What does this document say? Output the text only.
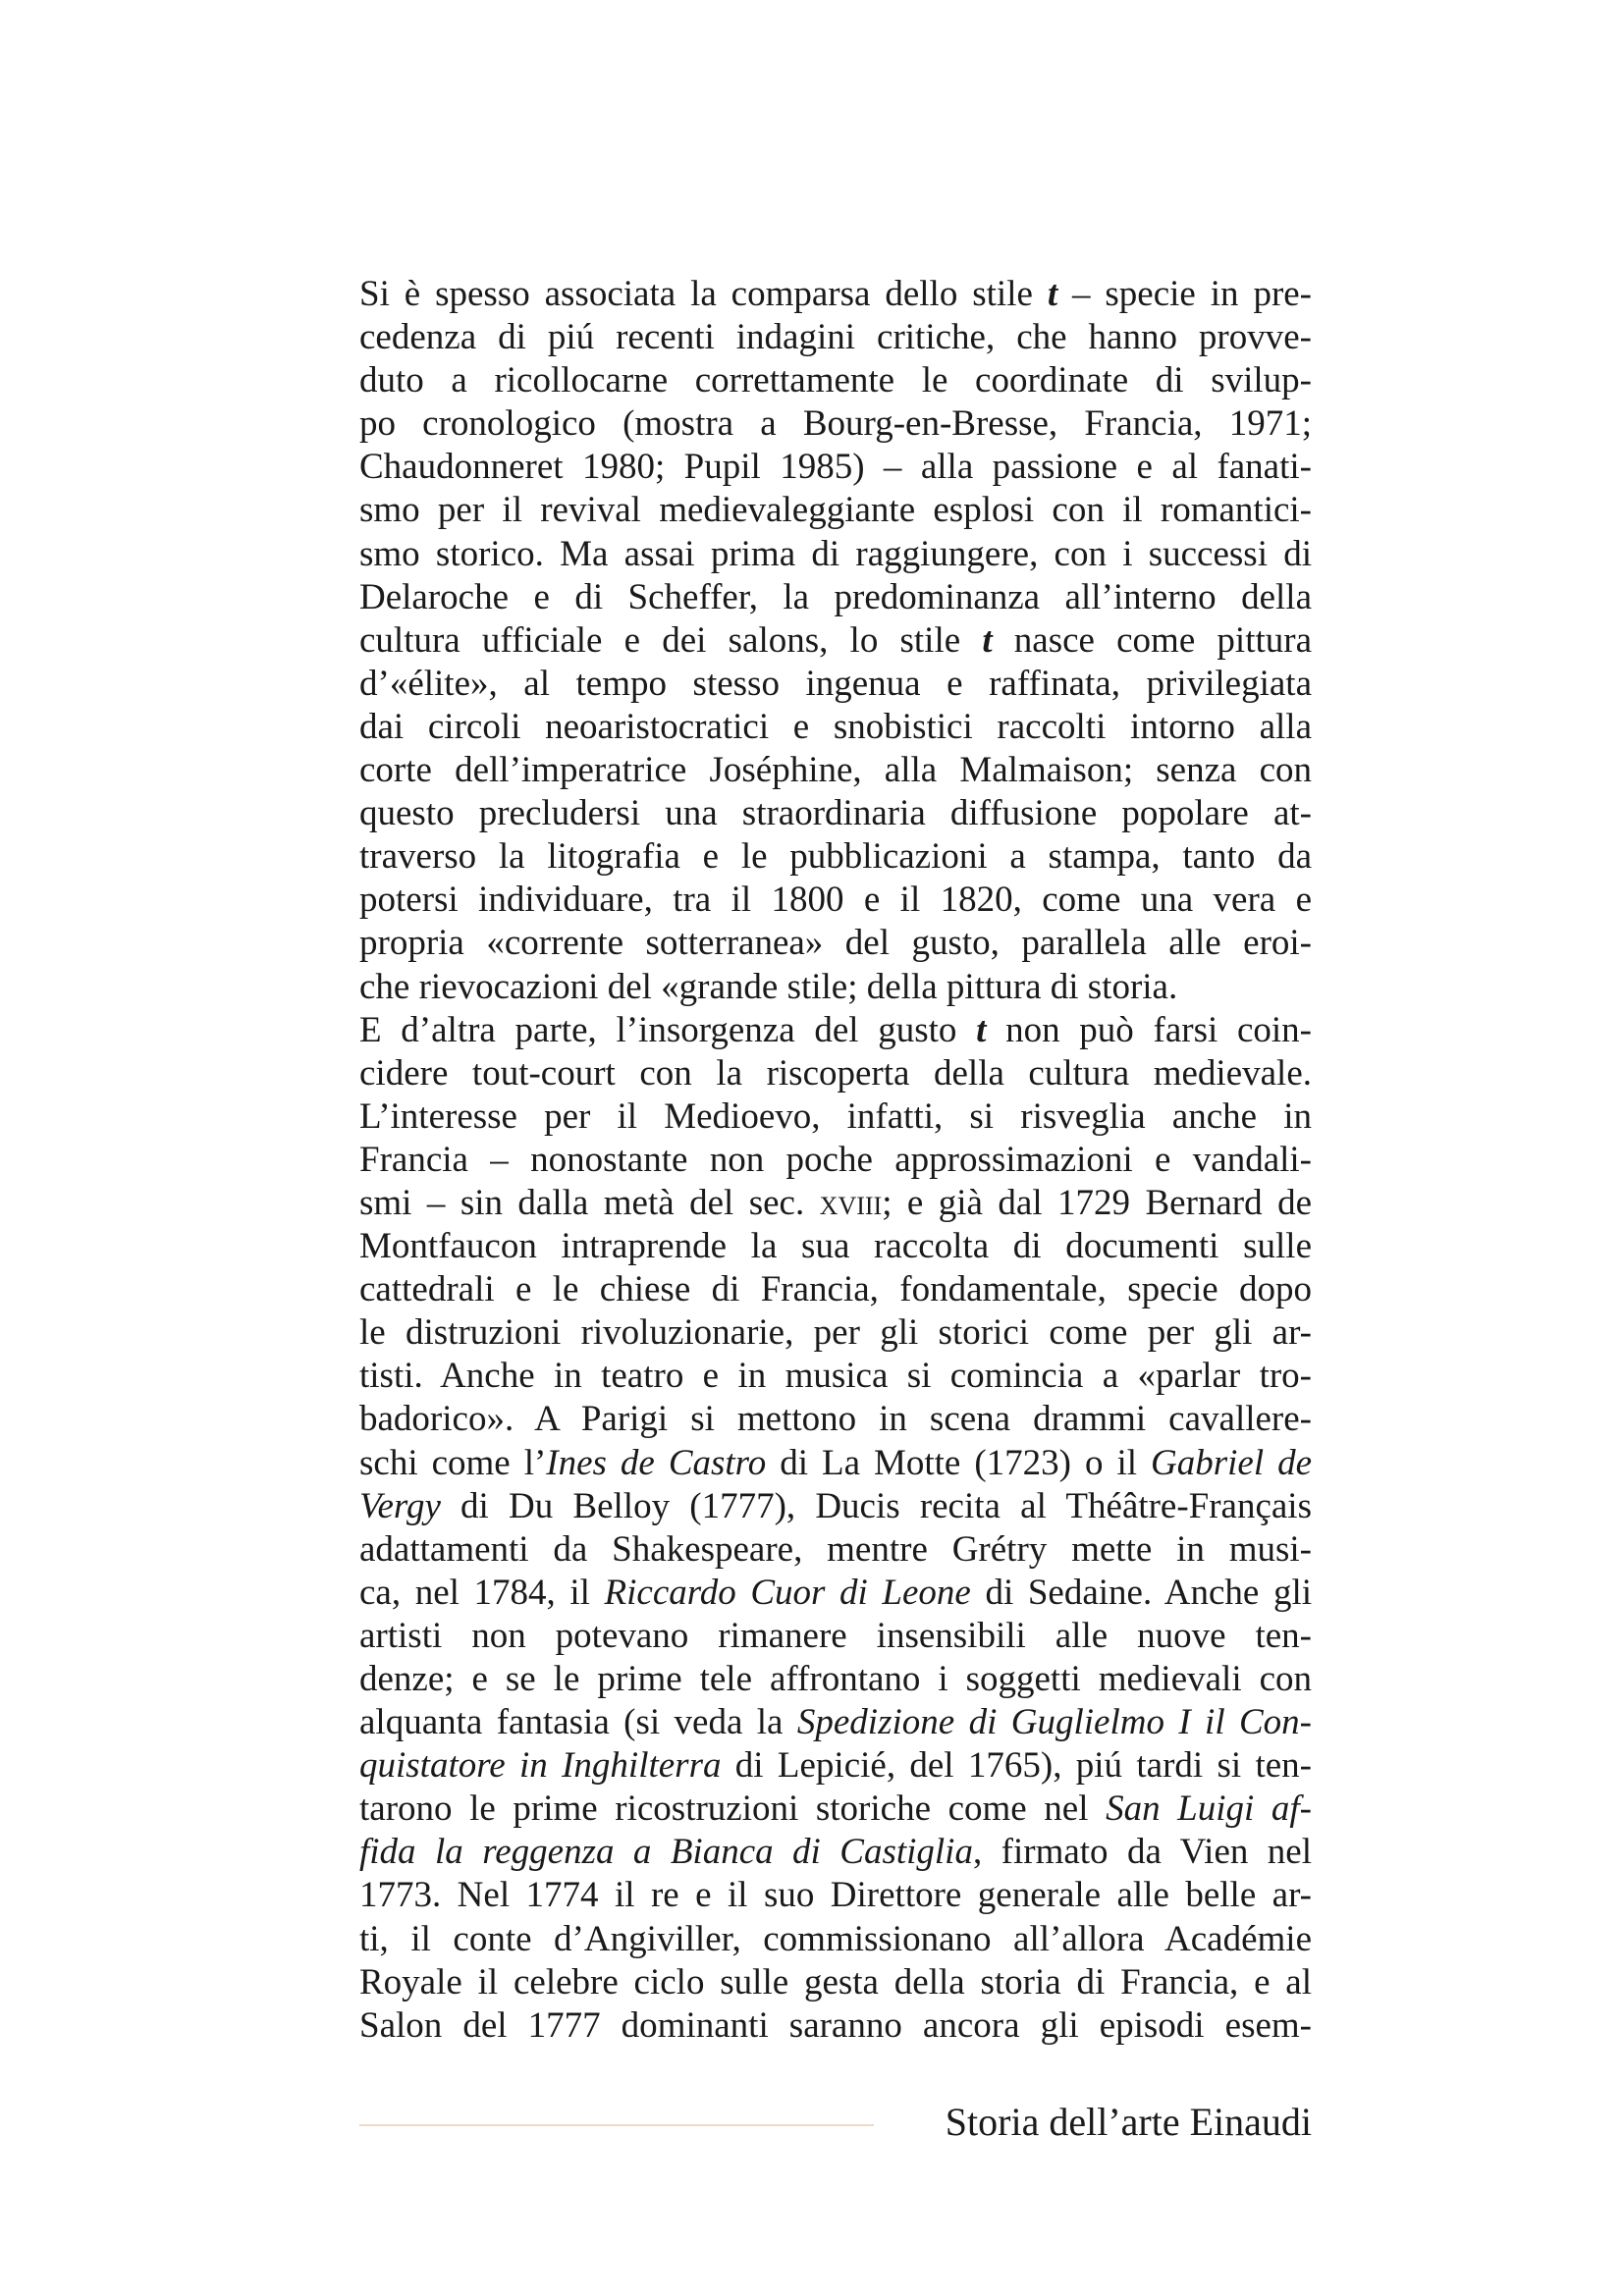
Si è spesso associata la comparsa dello stile t – specie in pre-
cedenza di piú recenti indagini critiche, che hanno provve-
duto a ricollocarne correttamente le coordinate di svilup-
po cronologico (mostra a Bourg-en-Bresse, Francia, 1971;
Chaudonneret 1980; Pupil 1985) – alla passione e al fanati-
smo per il revival medievaleggiante esplosi con il romantici-
smo storico. Ma assai prima di raggiungere, con i successi di
Delaroche e di Scheffer, la predominanza all’interno della
cultura ufficiale e dei salons, lo stile t nasce come pittura
d’«élite», al tempo stesso ingenua e raffinata, privilegiata
dai circoli neoaristocratici e snobistici raccolti intorno alla
corte dell’imperatrice Joséphine, alla Malmaison; senza con
questo precludersi una straordinaria diffusione popolare at-
traverso la litografia e le pubblicazioni a stampa, tanto da
potersi individuare, tra il 1800 e il 1820, come una vera e
propria «corrente sotterranea» del gusto, parallela alle eroi-
che rievocazioni del «grande stile; della pittura di storia.
E d’altra parte, l’insorgenza del gusto t non può farsi coin-
cidere tout-court con la riscoperta della cultura medievale.
L’interesse per il Medioevo, infatti, si risveglia anche in
Francia – nonostante non poche approssimazioni e vandali-
smi – sin dalla metà del sec. xviii; e già dal 1729 Bernard de
Montfaucon intraprende la sua raccolta di documenti sulle
cattedrali e le chiese di Francia, fondamentale, specie dopo
le distruzioni rivoluzionarie, per gli storici come per gli ar-
tisti. Anche in teatro e in musica si comincia a «parlar tro-
badorico». A Parigi si mettono in scena drammi cavallere-
schi come l’Ines de Castro di La Motte (1723) o il Gabriel de
Vergy di Du Belloy (1777), Ducis recita al Théâtre-Français
adattamenti da Shakespeare, mentre Grétry mette in musi-
ca, nel 1784, il Riccardo Cuor di Leone di Sedaine. Anche gli
artisti non potevano rimanere insensibili alle nuove ten-
denze; e se le prime tele affrontano i soggetti medievali con
alquanta fantasia (si veda la Spedizione di Guglielmo I il Con-
quistatore in Inghilterra di Lepicié, del 1765), piú tardi si ten-
tarono le prime ricostruzioni storiche come nel San Luigi af-
fida la reggenza a Bianca di Castiglia, firmato da Vien nel
1773. Nel 1774 il re e il suo Direttore generale alle belle ar-
ti, il conte d’Angiviller, commissionano all’allora Académie
Royale il celebre ciclo sulle gesta della storia di Francia, e al
Salon del 1777 dominanti saranno ancora gli episodi esem-
Storia dell’arte Einaudi
